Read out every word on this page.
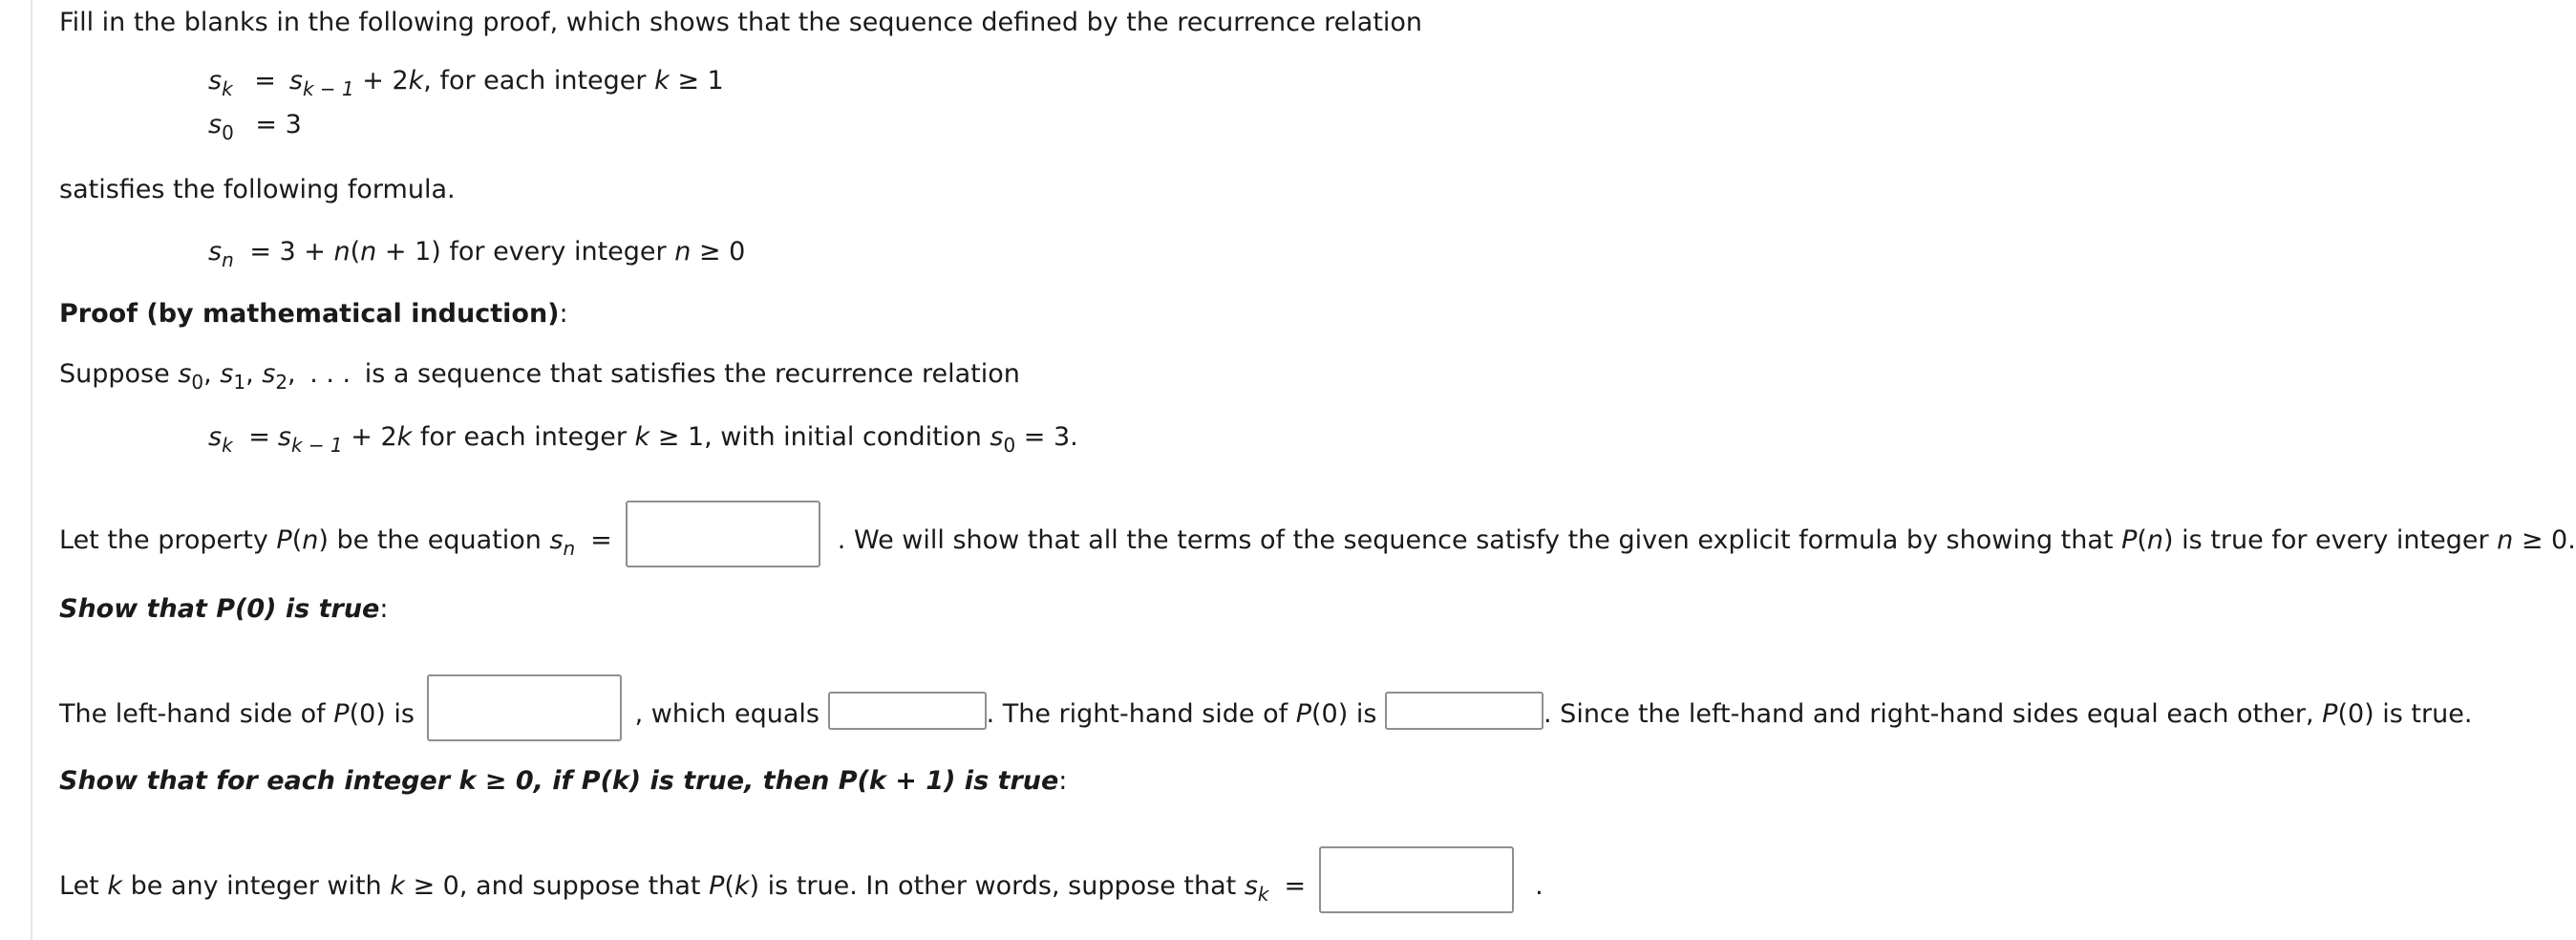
Fill in the blanks in the following proof, which shows that the sequence defined by the recurrence relation
$s_k = s_{k - 1} + 2k$, for each integer k ≥ 1
$s_0 = 3$
satisfies the following formula.
$s_n = 3 + n(n + 1)$ for every integer n ≥ 0
Proof (by mathematical induction):
Suppose $s_0$, $s_1$, $s_2$, . . . is a sequence that satisfies the recurrence relation
$s_k = s_{k - 1} + 2k$ for each integer k ≥ 1, with initial condition $s_0 = 3$.
Let the property P(n) be the equation $s_n$ =	. We will show that all the terms of the sequence satisfy the given explicit formula by showing that P(n) is true for every integer n ≥ 0.
Show that P(0) is true:
The left-hand side of P(0) is	, which equals	. The right-hand side of P(0) is	. Since the left-hand and right-hand sides equal each other, P(0) is true.
Show that for each integer k ≥ 0, if P(k) is true, then P(k + 1) is true:
Let k be any integer with k ≥ 0, and suppose that P(k) is true. In other words, suppose that $s_k$ =	.
